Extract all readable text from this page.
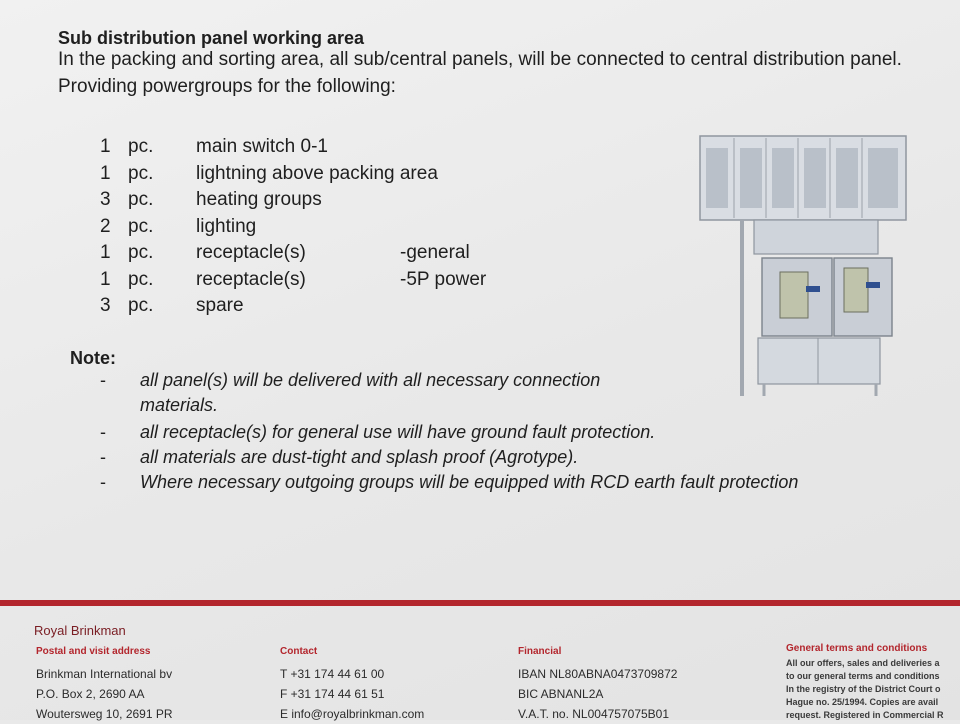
Sub distribution panel working area
In the packing and sorting area, all sub/central panels, will be connected to central distribution panel.
Providing powergroups for the following:
1 pc. main switch 0-1
1 pc. lightning above packing area
3 pc. heating groups
2 pc. lighting
1 pc. receptacle(s)	-general
1 pc. receptacle(s)	-5P power
3 pc. spare
Note:
- all panel(s) will be delivered with all necessary connection materials.
- all receptacle(s) for general use will have ground fault protection.
- all materials are dust-tight and splash proof (Agrotype).
- Where necessary outgoing groups will be equipped with RCD earth fault protection
Royal Brinkman
Postal and visit address
Brinkman International bv
P.O. Box 2, 2690 AA
Woutersweg 10, 2691 PR
Contact
T +31 174 44 61 00
F +31 174 44 61 51
E info@royalbrinkman.com
Financial
IBAN NL80ABNA0473709872
BIC ABNANL2A
V.A.T. no. NL004757075B01
General terms and conditions
All our offers, sales and deliveries a
to our general terms and conditions
In the registry of the District Court o
Hague no. 25/1994. Copies are avail
request. Registered in Commercial R
